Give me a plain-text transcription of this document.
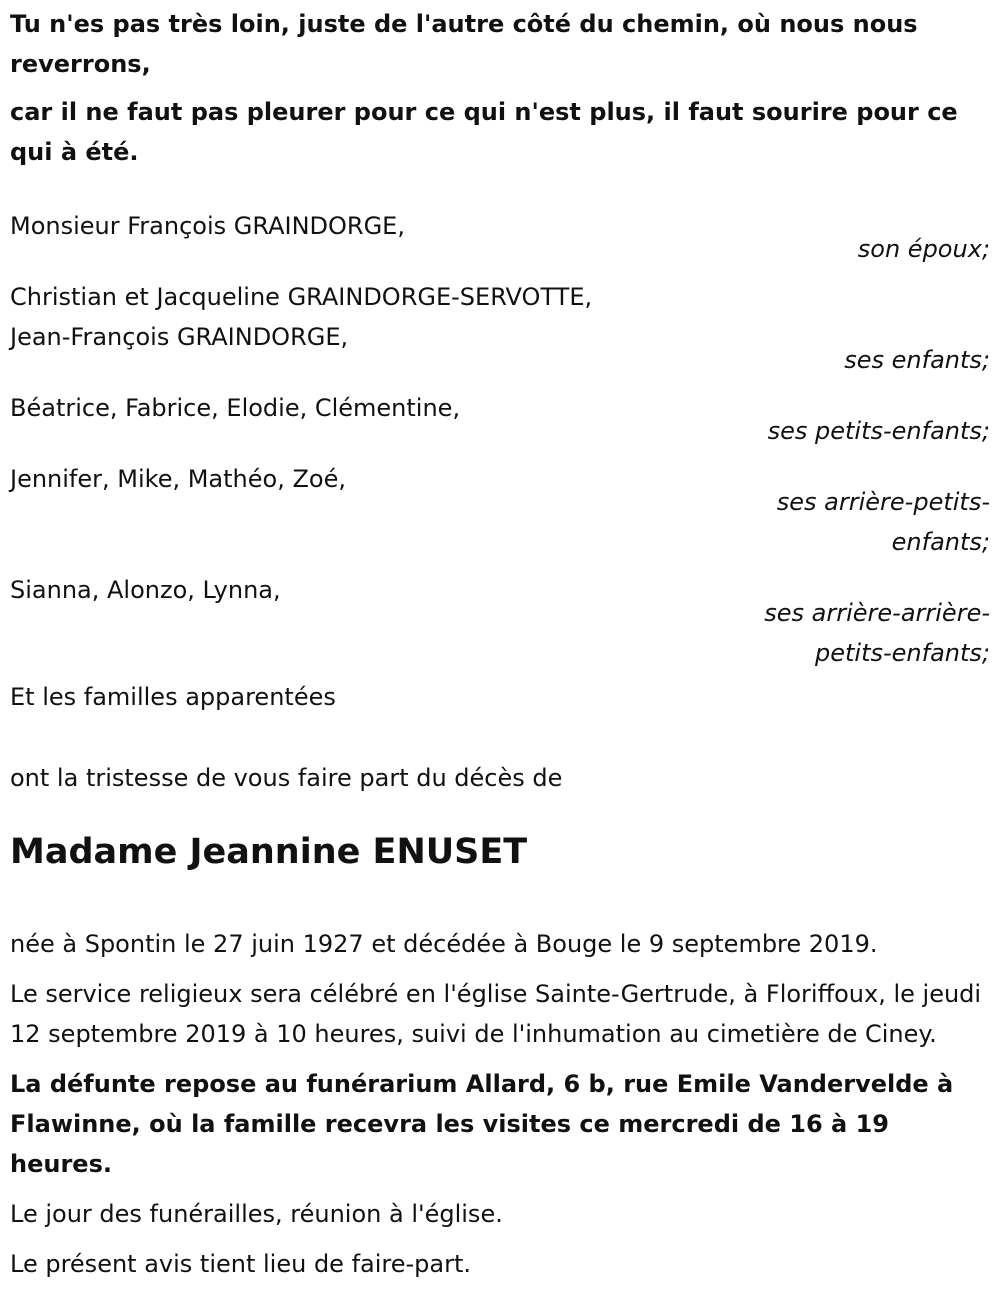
Tu n'es pas très loin, juste de l'autre côté du chemin, où nous nous reverrons,

car il ne faut pas pleurer pour ce qui n'est plus, il faut sourire pour ce qui à été.

Monsieur François GRAINDORGE,
son époux;
Christian et Jacqueline GRAINDORGE-SERVOTTE,
Jean-François GRAINDORGE,
ses enfants;
Béatrice, Fabrice, Elodie, Clémentine,
ses petits-enfants;
Jennifer, Mike, Mathéo, Zoé,
ses arrière-petits-enfants;
Sianna, Alonzo, Lynna,
ses arrière-arrière-petits-enfants;

Et les familles apparentées

ont la tristesse de vous faire part du décès de

Madame Jeannine ENUSET

née à Spontin le 27 juin 1927 et décédée à Bouge le 9 septembre 2019.

Le service religieux sera célébré en l'église Sainte-Gertrude, à Floriffoux, le jeudi 12 septembre 2019 à 10 heures, suivi de l'inhumation au cimetière de Ciney.

La défunte repose au funérarium Allard, 6 b, rue Emile Vandervelde à Flawinne, où la famille recevra les visites ce mercredi de 16 à 19 heures.

Le jour des funérailles, réunion à l'église.

Le présent avis tient lieu de faire-part.
